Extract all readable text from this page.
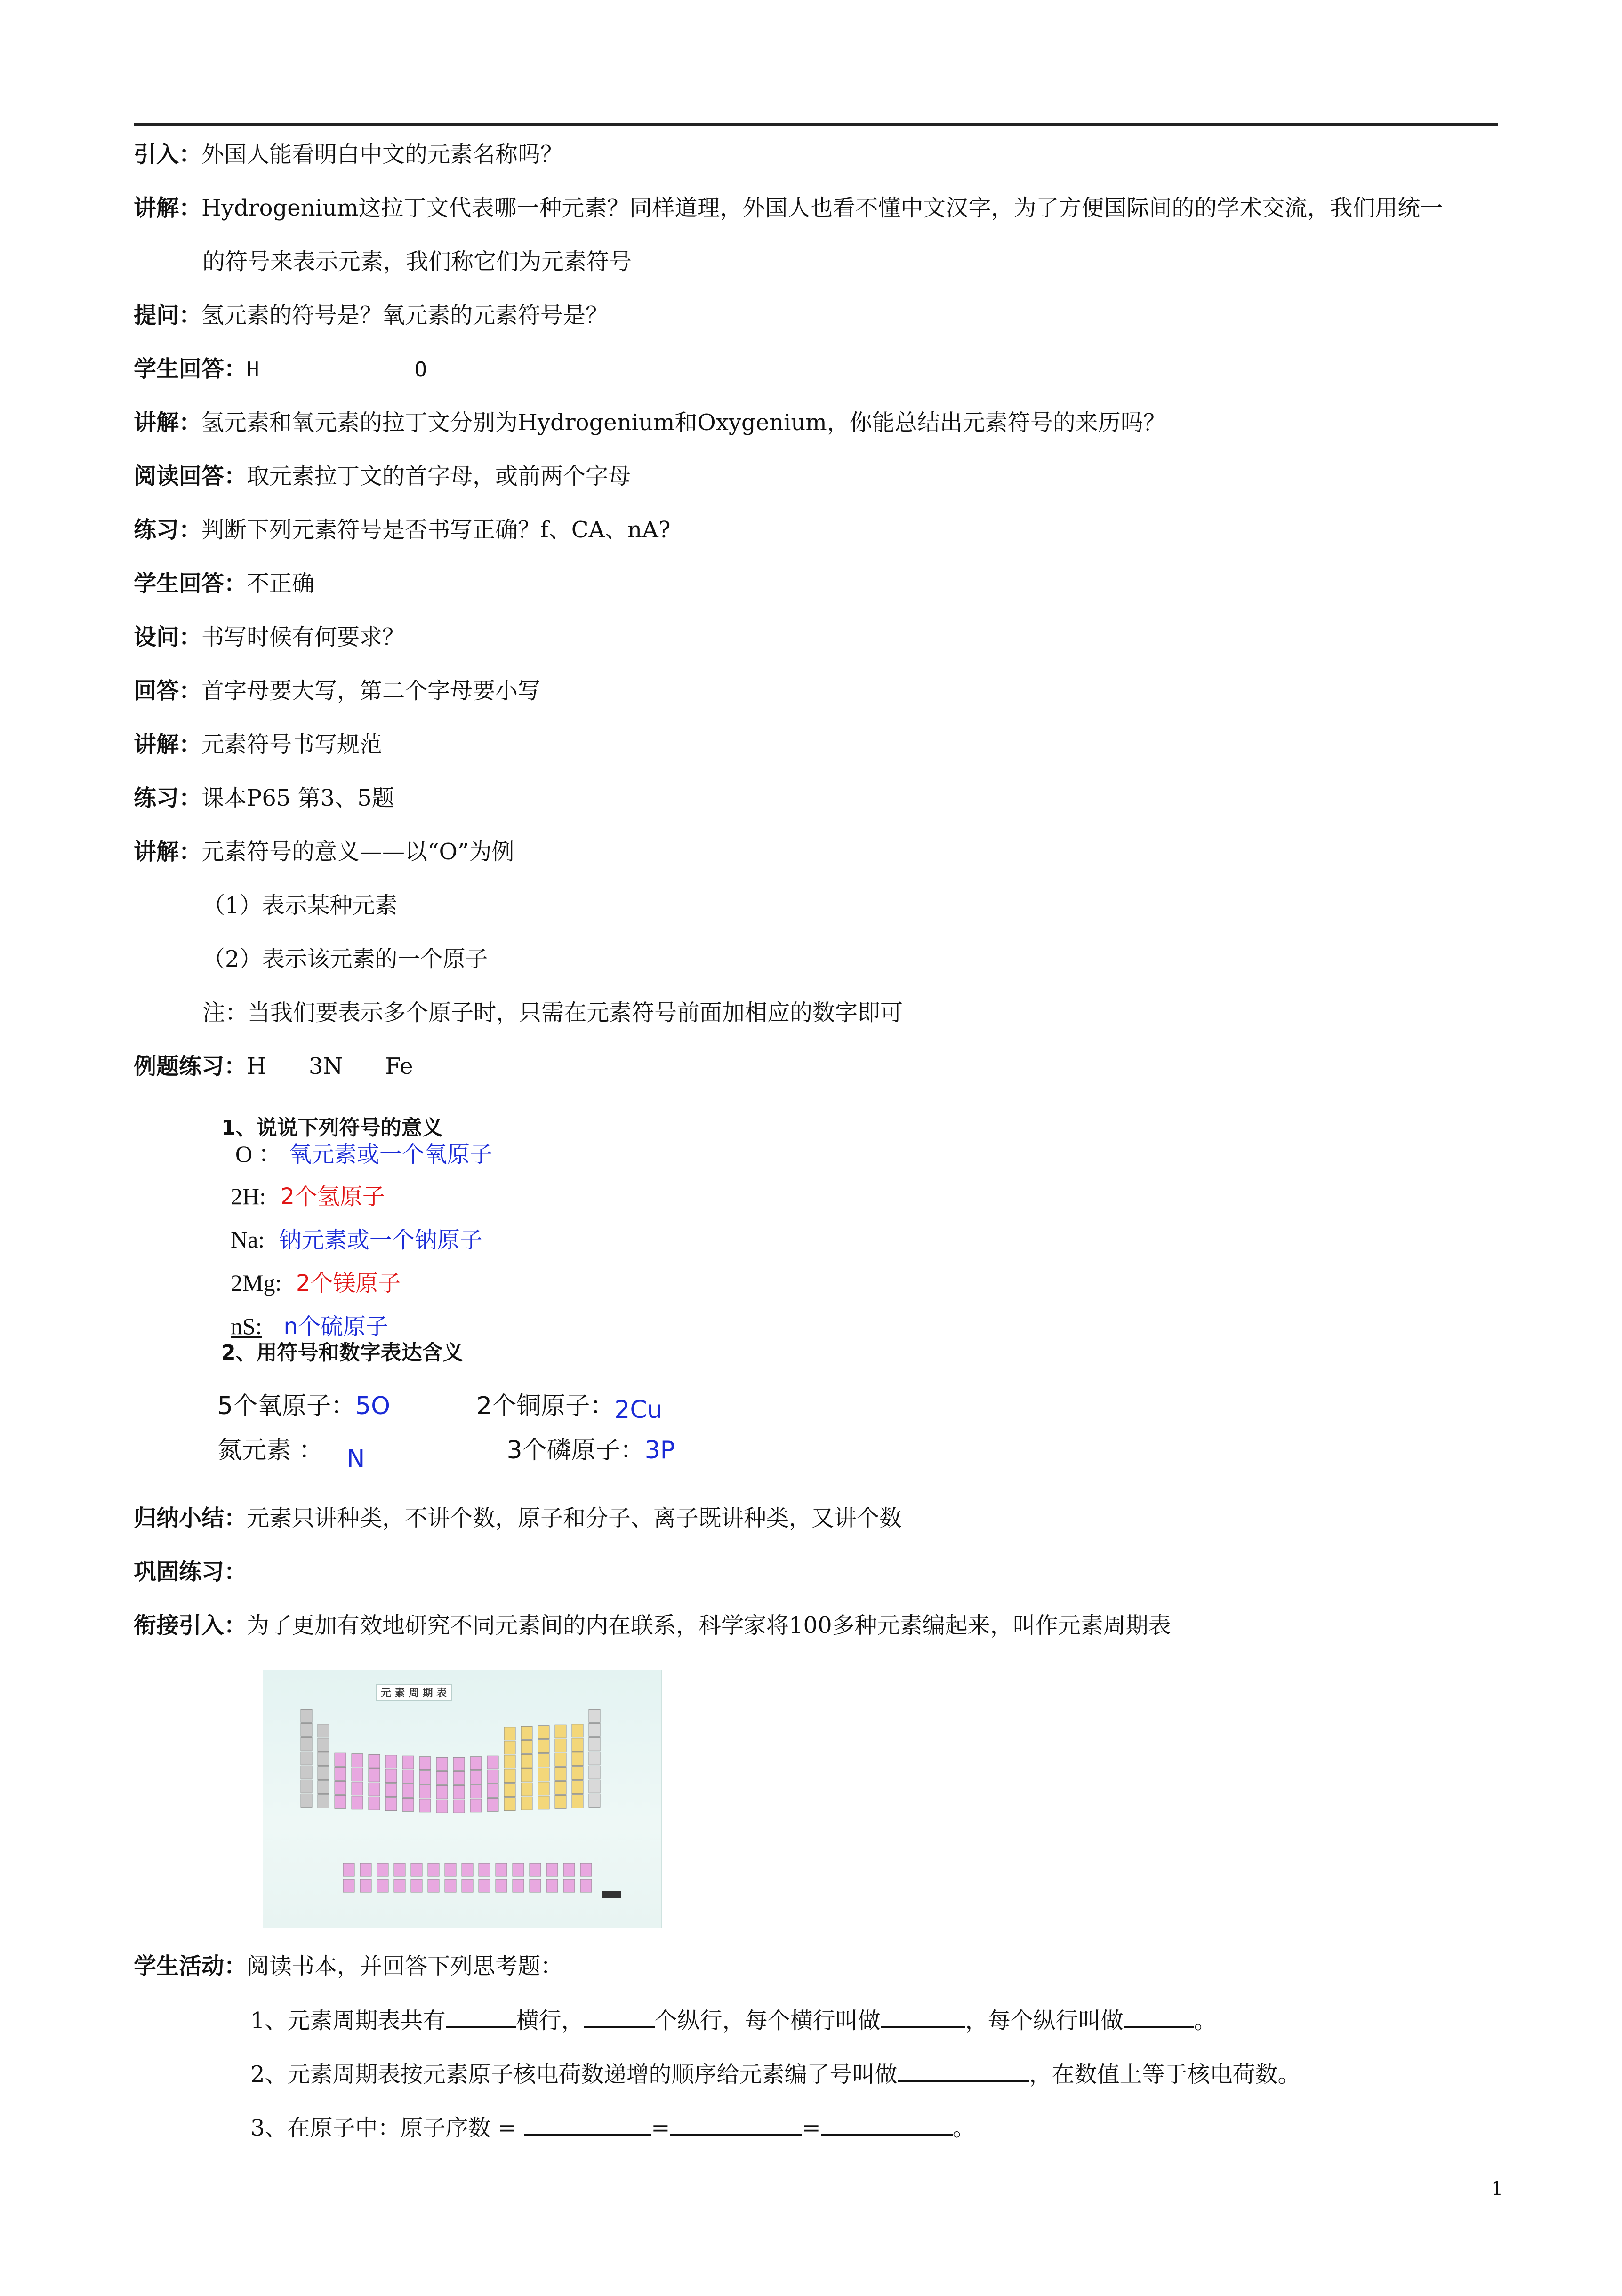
引入：外国人能看明白中文的元素名称吗？
讲解：Hydrogenium这拉丁文代表哪一种元素？同样道理，外国人也看不懂中文汉字，为了方便国际间的的学术交流，我们用统一
的符号来表示元素，我们称它们为元素符号
提问：氢元素的符号是？氧元素的元素符号是？
学生回答：H	O
讲解：氢元素和氧元素的拉丁文分别为Hydrogenium和Oxygenium，你能总结出元素符号的来历吗？
阅读回答：取元素拉丁文的首字母，或前两个字母
练习：判断下列元素符号是否书写正确？f、CA、nA?
学生回答：不正确
设问：书写时候有何要求？
回答：首字母要大写，第二个字母要小写
讲解：元素符号书写规范
练习：课本P65 第3、5题
讲解：元素符号的意义——以“O”为例
（1）表示某种元素
（2）表示该元素的一个原子
注：当我们要表示多个原子时，只需在元素符号前面加相应的数字即可
例题练习：H 3N Fe
1、说说下列符号的意义
O ： 氧元素或一个氧原子
2H: 2个氢原子
Na: 钠元素或一个钠原子
2Mg: 2个镁原子
nS: n个硫原子
2、用符号和数字表达含义
5个氧原子：5O	2个铜原子：2Cu
氮元素 ： N	3个磷原子：3P
归纳小结：元素只讲种类，不讲个数，原子和分子、离子既讲种类，又讲个数
巩固练习：
衔接引入：为了更加有效地研究不同元素间的内在联系，科学家将100多种元素编起来，叫作元素周期表
元 素 周 期 表
学生活动：阅读书本，并回答下列思考题：
1、元素周期表共有	横行，	个纵行，每个横行叫做	，每个纵行叫做	。
2、元素周期表按元素原子核电荷数递增的顺序给元素编了号叫做	，在数值上等于核电荷数。
3、在原子中：原子序数 =	=	=	。
1
